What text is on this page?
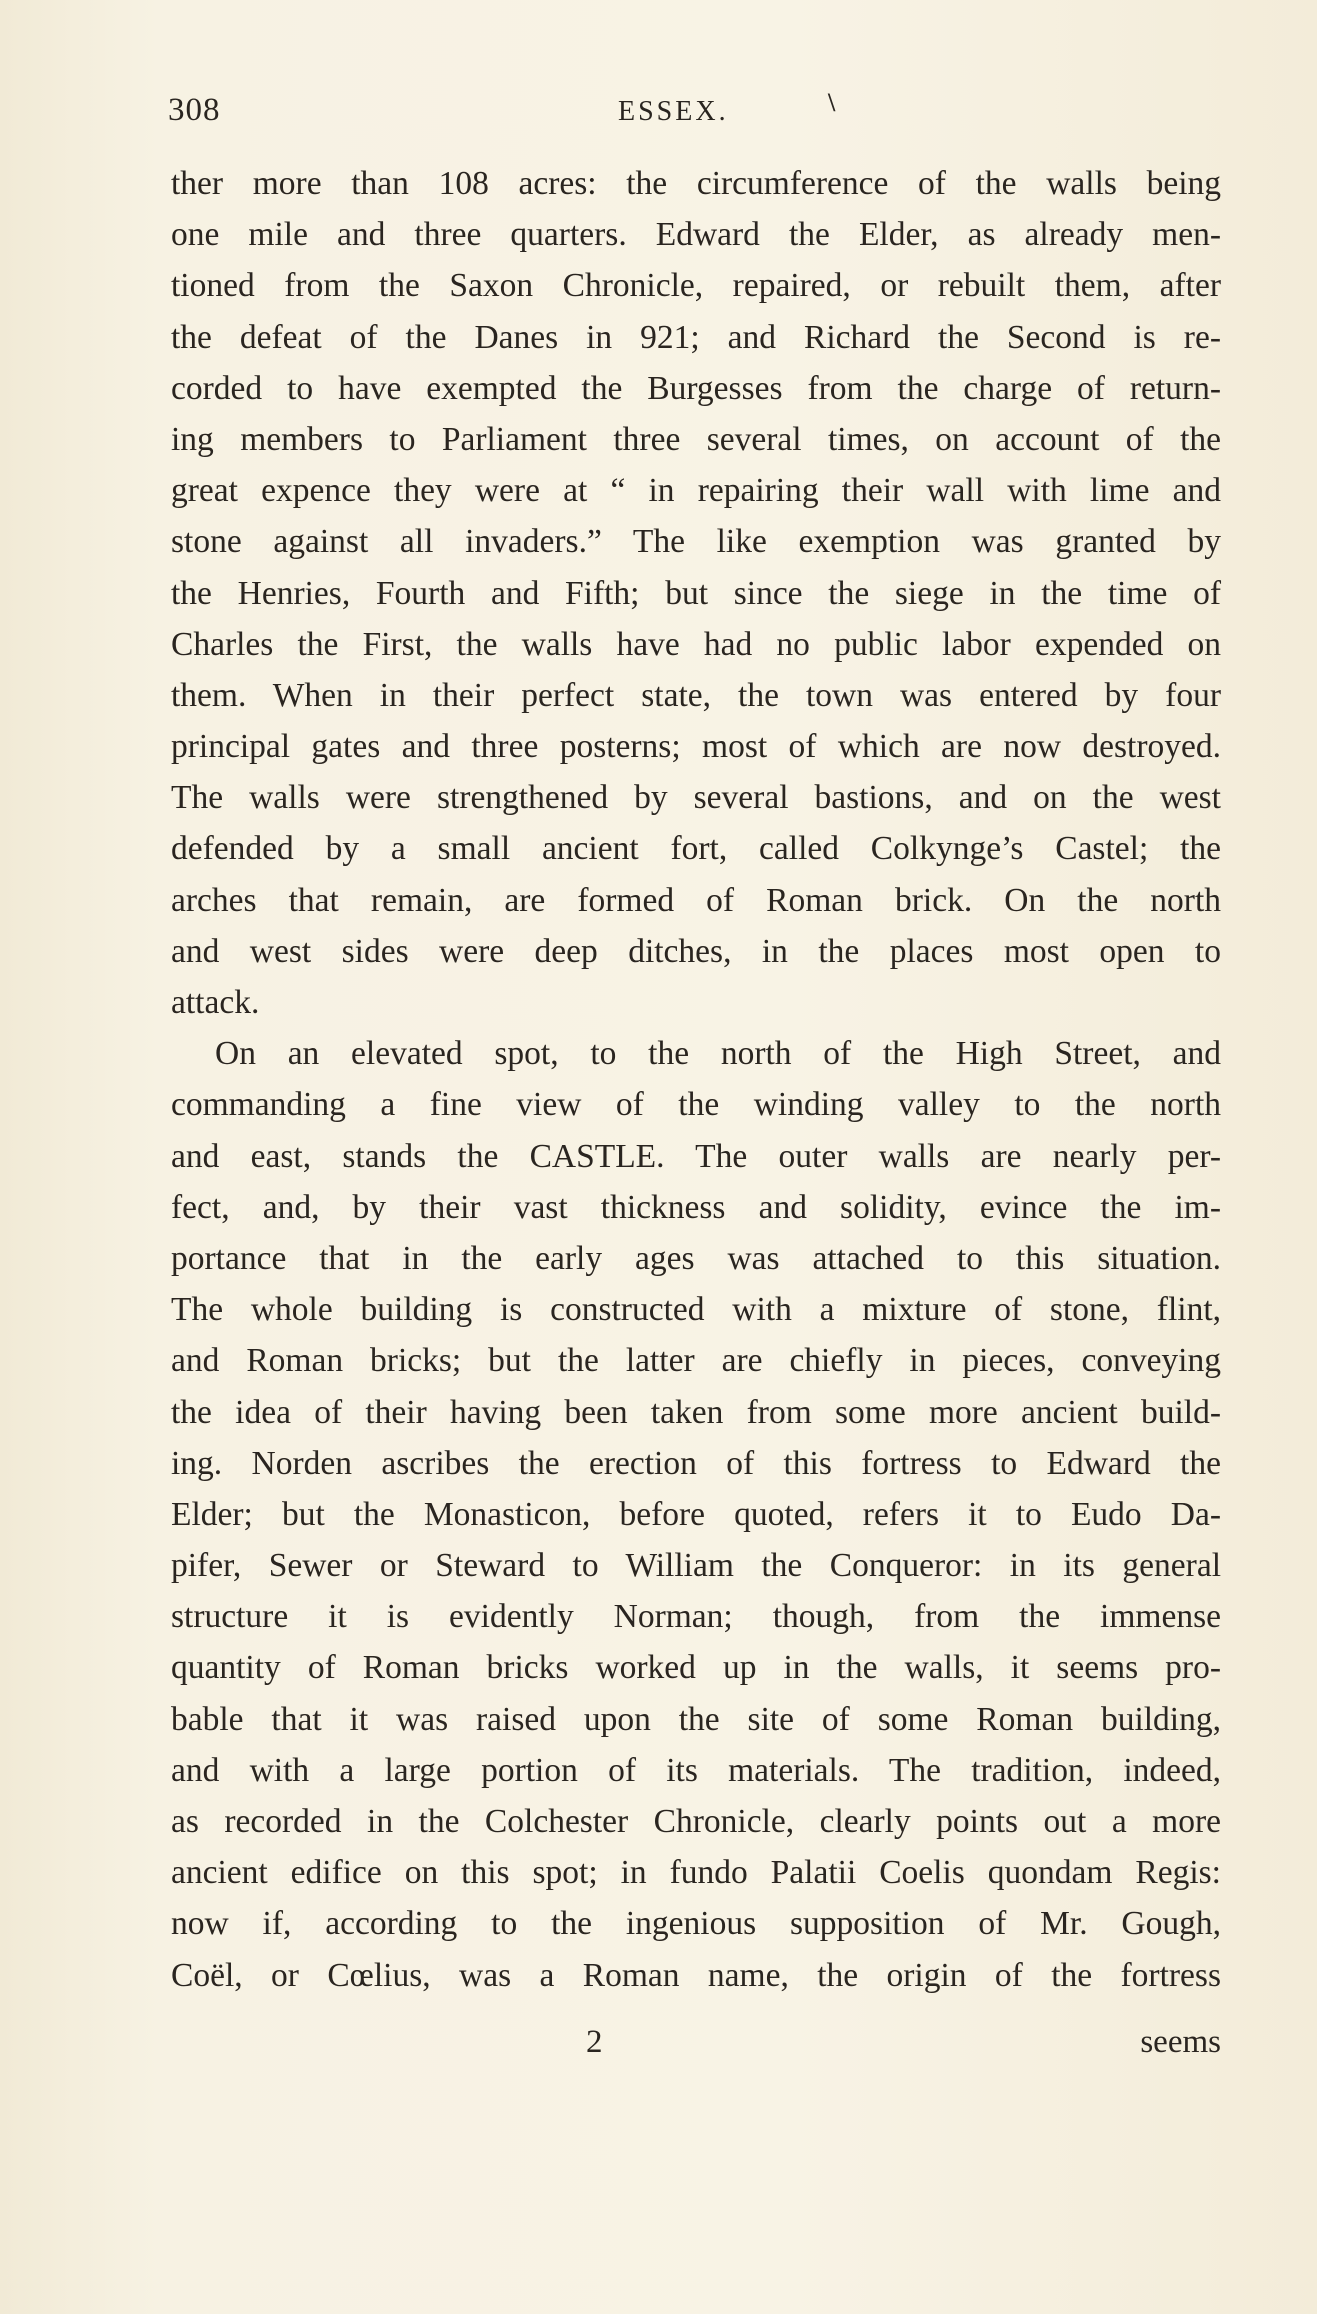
308	ESSEX.	\
ther more than 108 acres: the circumference of the walls being
one mile and three quarters. Edward the Elder, as already men-
tioned from the Saxon Chronicle, repaired, or rebuilt them, after
the defeat of the Danes in 921; and Richard the Second is re-
corded to have exempted the Burgesses from the charge of return-
ing members to Parliament three several times, on account of the
great expence they were at “ in repairing their wall with lime and
stone against all invaders.” The like exemption was granted by
the Henries, Fourth and Fifth; but since the siege in the time of
Charles the First, the walls have had no public labor expended on
them. When in their perfect state, the town was entered by four
principal gates and three posterns; most of which are now destroyed.
The walls were strengthened by several bastions, and on the west
defended by a small ancient fort, called Colkynge’s Castel; the
arches that remain, are formed of Roman brick. On the north
and west sides were deep ditches, in the places most open to
attack.
On an elevated spot, to the north of the High Street, and
commanding a fine view of the winding valley to the north
and east, stands the CASTLE. The outer walls are nearly per-
fect, and, by their vast thickness and solidity, evince the im-
portance that in the early ages was attached to this situation.
The whole building is constructed with a mixture of stone, flint,
and Roman bricks; but the latter are chiefly in pieces, conveying
the idea of their having been taken from some more ancient build-
ing. Norden ascribes the erection of this fortress to Edward the
Elder; but the Monasticon, before quoted, refers it to Eudo Da-
pifer, Sewer or Steward to William the Conqueror: in its general
structure it is evidently Norman; though, from the immense
quantity of Roman bricks worked up in the walls, it seems pro-
bable that it was raised upon the site of some Roman building,
and with a large portion of its materials. The tradition, indeed,
as recorded in the Colchester Chronicle, clearly points out a more
ancient edifice on this spot; in fundo Palatii Coelis quondam Regis:
now if, according to the ingenious supposition of Mr. Gough,
Coël, or Cœlius, was a Roman name, the origin of the fortress
2	seems
